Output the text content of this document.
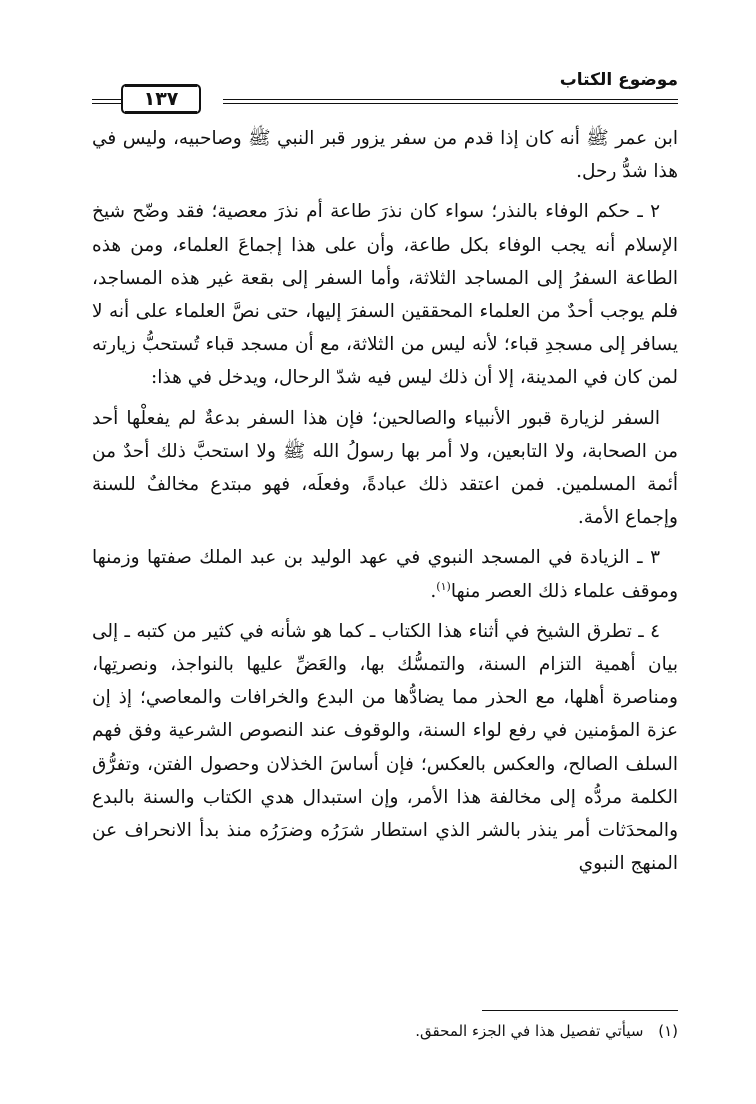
موضوع الكتاب
١٣٧

ابن عمر ﷺ أنه كان إذا قدم من سفر يزور قبر النبي ﷺ وصاحبيه، وليس في هذا شدُّ رحل.

٢ ـ حكم الوفاء بالنذر؛ سواء كان نذرَ طاعة أم نذرَ معصية؛ فقد وضّح شيخ الإسلام أنه يجب الوفاء بكل طاعة، وأن على هذا إجماعَ العلماء، ومن هذه الطاعة السفرُ إلى المساجد الثلاثة، وأما السفر إلى بقعة غير هذه المساجد، فلم يوجب أحدٌ من العلماء المحققين السفرَ إليها، حتى نصَّ العلماء على أنه لا يسافر إلى مسجدِ قباء؛ لأنه ليس من الثلاثة، مع أن مسجد قباء تُستحبُّ زيارته لمن كان في المدينة، إلا أن ذلك ليس فيه شدّ الرحال، ويدخل في هذا:

السفر لزيارة قبور الأنبياء والصالحين؛ فإن هذا السفر بدعةٌ لم يفعلْها أحد من الصحابة، ولا التابعين، ولا أمر بها رسولُ الله ﷺ ولا استحبَّ ذلك أحدٌ من أئمة المسلمين. فمن اعتقد ذلك عبادةً، وفعلَه، فهو مبتدع مخالفٌ للسنة وإجماع الأمة.

٣ ـ الزيادة في المسجد النبوي في عهد الوليد بن عبد الملك صفتها وزمنها وموقف علماء ذلك العصر منها$^{(١)}$.

٤ ـ تطرق الشيخ في أثناء هذا الكتاب ـ كما هو شأنه في كثير من كتبه ـ إلى بيان أهمية التزام السنة، والتمسُّك بها، والعَضِّ عليها بالنواجذ، ونصرتِها، ومناصرة أهلها، مع الحذر مما يضادُّها من البدع والخرافات والمعاصي؛ إذ إن عزة المؤمنين في رفع لواء السنة، والوقوف عند النصوص الشرعية وفق فهم السلف الصالح، والعكس بالعكس؛ فإن أساسَ الخذلان وحصول الفتن، وتفرُّق الكلمة مردُّه إلى مخالفة هذا الأمر، وإن استبدال هدي الكتاب والسنة بالبدع والمحدَثات أمر ينذر بالشر الذي استطار شرَرُه وضرَرُه منذ بدأ الانحراف عن المنهج النبوي

(١) سيأتي تفصيل هذا في الجزء المحقق.
